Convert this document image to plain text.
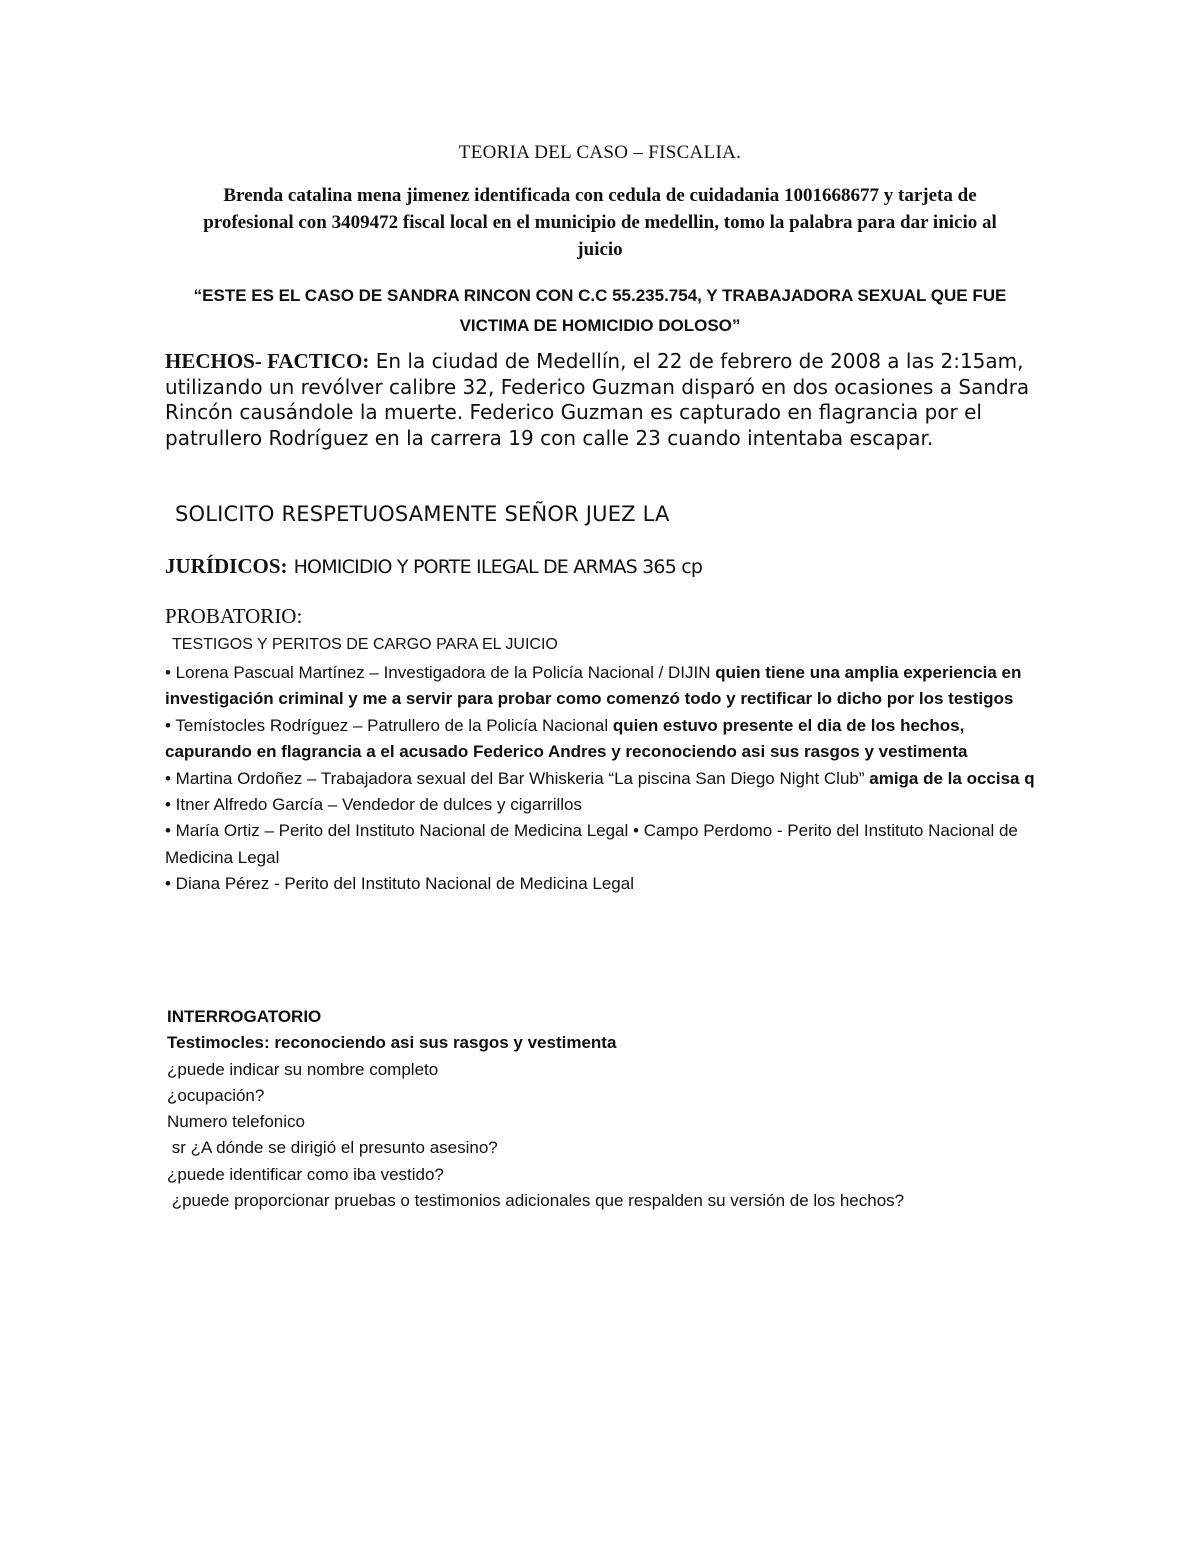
TEORIA DEL CASO – FISCALIA.
Brenda catalina mena jimenez identificada con cedula de cuidadania 1001668677 y tarjeta de profesional con 3409472 fiscal local en el municipio de medellin, tomo la palabra para dar inicio al juicio
“ESTE ES EL CASO DE SANDRA RINCON CON C.C 55.235.754, Y TRABAJADORA SEXUAL QUE FUE VICTIMA DE HOMICIDIO DOLOSO”
HECHOS- FACTICO: En la ciudad de Medellín, el 22 de febrero de 2008 a las 2:15am, utilizando un revólver calibre 32, Federico Guzman disparó en dos ocasiones a Sandra Rincón causándole la muerte. Federico Guzman es capturado en flagrancia por el patrullero Rodríguez en la carrera 19 con calle 23 cuando intentaba escapar.
SOLICITO RESPETUOSAMENTE SEÑOR JUEZ LA
JURÍDICOS: HOMICIDIO Y PORTE ILEGAL DE ARMAS 365 cp
PROBATORIO:
TESTIGOS Y PERITOS DE CARGO PARA EL JUICIO

• Lorena Pascual Martínez – Investigadora de la Policía Nacional / DIJIN quien tiene una amplia experiencia en investigación criminal y me a servir para probar como comenzó todo y rectificar lo dicho por los testigos

• Temístocles Rodríguez – Patrullero de la Policía Nacional quien estuvo presente el dia de los hechos, capurando en flagrancia a el acusado Federico Andres y reconociendo asi sus rasgos y vestimenta

• Martina Ordoñez – Trabajadora sexual del Bar Whiskeria “La piscina San Diego Night Club” amiga de la occisa q

• Itner Alfredo García – Vendedor de dulces y cigarrillos

• María Ortiz – Perito del Instituto Nacional de Medicina Legal • Campo Perdomo - Perito del Instituto Nacional de Medicina Legal

• Diana Pérez - Perito del Instituto Nacional de Medicina Legal

INTERROGATORIO
Testimocles: reconociendo asi sus rasgos y vestimenta
¿puede indicar su nombre completo
¿ocupación?
Numero telefonico
sr ¿A dónde se dirigió el presunto asesino?
¿puede identificar como iba vestido?
¿puede proporcionar pruebas o testimonios adicionales que respalden su versión de los hechos?
